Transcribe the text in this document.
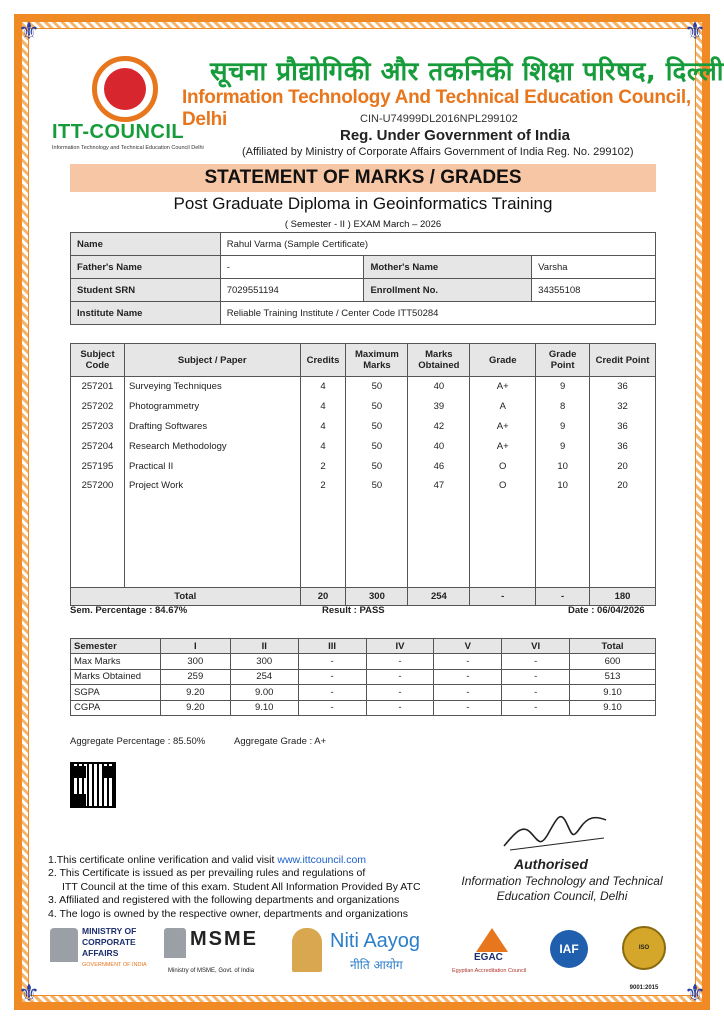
⚜	⚜
⚜	⚜
ITT-COUNCIL
Information Technology and Technical Education Council Delhi
सूचना प्रौद्योगिकी और तकनिकी शिक्षा परिषद, दिल्ली
Information Technology And Technical Education Council, Delhi	CIN-U74999DL2016NPL299102
Reg. Under Government of India
(Affiliated by Ministry of Corporate Affairs Government of India Reg. No. 299102)
STATEMENT OF MARKS / GRADES
Post Graduate Diploma in Geoinformatics Training
( Semester - II ) EXAM March – 2026
Name	Rahul Varma (Sample Certificate)		
Father's Name	-	Mother's Name	Varsha
Student SRN	7029551194	Enrollment No.	34355108
Institute Name	Reliable Training Institute / Center Code ITT50284		
Subject Code	Subject / Paper	Credits	Maximum Marks	Marks Obtained	Grade	Grade Point	Credit Point
257201	Surveying Techniques	4	50	40	A+	9	36
257202	Photogrammetry	4	50	39	A	8	32
257203	Drafting Softwares	4	50	42	A+	9	36
257204	Research Methodology	4	50	40	A+	9	36
257195	Practical II	2	50	46	O	10	20
257200	Project Work	2	50	47	O	10	20

Total		20	300	254	-	-	180
Sem. Percentage : 84.67%	Result : PASS	Date : 06/04/2026
Semester	I	II	III	IV	V	VI	Total
Max Marks	300	300	-	-	-	-	600
Marks Obtained	259	254	-	-	-	-	513
SGPA	9.20	9.00	-	-	-	-	9.10
CGPA	9.20	9.10	-	-	-	-	9.10
Aggregate Percentage : 85.50%	Aggregate Grade : A+
Authorised
Information Technology and Technical
Education Council, Delhi
1.This certificate online verification and valid visit www.ittcouncil.com
2. This Certificate is issued as per prevailing rules and regulations of
ITT Council at the time of this exam. Student All Information Provided By ATC
3. Affiliated and registered with the following departments and organizations
4. The logo is owned by the respective owner, departments and organizations
MINISTRY OF
CORPORATE
AFFAIRS
GOVERNMENT OF INDIA
MSME
Ministry of MSME, Govt. of India
Niti Aayog
नीति आयोग
EGAC
Egyptian Accreditation Council
IAF	ISO 9001:2015
